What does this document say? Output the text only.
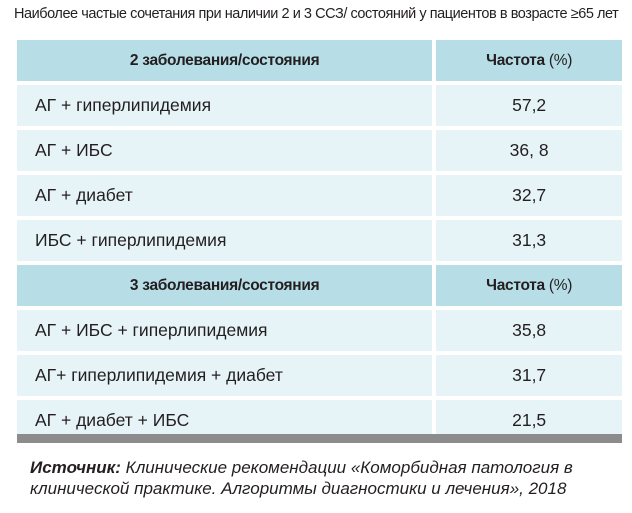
Наиболее частые сочетания при наличии 2 и 3 ССЗ/ состояний у пациентов в возрасте ≥65 лет
2 заболевания/состояния	Частота (%)
АГ + гиперлипидемия	57,2
АГ + ИБС	36, 8
АГ + диабет	32,7
ИБС + гиперлипидемия	31,3
3 заболевания/состояния	Частота (%)
АГ + ИБС + гиперлипидемия	35,8
АГ+ гиперлипидемия + диабет	31,7
АГ + диабет + ИБС	21,5
Источник: Клинические рекомендации «Коморбидная патология в клинической практике. Алгоритмы диагностики и лечения», 2018
